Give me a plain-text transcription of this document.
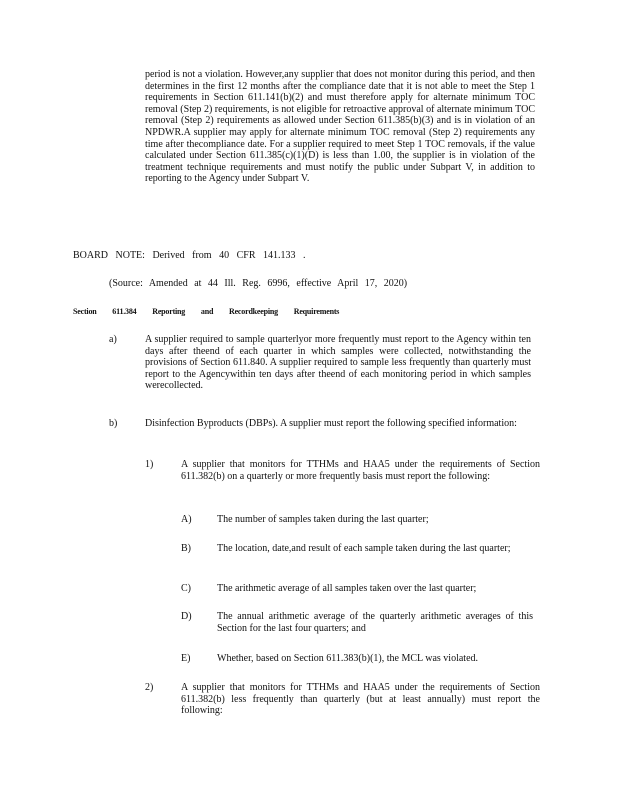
period is not a violation. However,any supplier that does not monitor during this period, and then determines in the first 12 months after the compliance date that it is not able to meet the Step 1 requirements in Section 611.141(b)(2) and must therefore apply for alternate minimum TOC removal (Step 2) requirements, is not eligible for retroactive approval of alternate minimum TOC removal (Step 2) requirements as allowed under Section 611.385(b)(3) and is in violation of an NPDWR.A supplier may apply for alternate minimum TOC removal (Step 2) requirements any time after thecompliance date. For a supplier required to meet Step 1 TOC removals, if the value calculated under Section 611.385(c)(1)(D) is less than 1.00, the supplier is in violation of the treatment technique requirements and must notify the public under Subpart V, in addition to reporting to the Agency under Subpart V.
BOARD NOTE: Derived from 40 CFR 141.133 .
(Source: Amended at 44 Ill. Reg. 6996, effective April 17, 2020)
Section 611.384 Reporting and Recordkeeping Requirements
a)	A supplier required to sample quarterlyor more frequently must report to the Agency within ten days after theend of each quarter in which samples were collected, notwithstanding the provisions of Section 611.840. A supplier required to sample less frequently than quarterly must report to the Agencywithin ten days after theend of each monitoring period in which samples werecollected.
b)	Disinfection Byproducts (DBPs). A supplier must report the following specified information:
1)	A supplier that monitors for TTHMs and HAA5 under the requirements of Section 611.382(b) on a quarterly or more frequently basis must report the following:
A)	The number of samples taken during the last quarter;
B)	The location, date,and result of each sample taken during the last quarter;
C)	The arithmetic average of all samples taken over the last quarter;
D)	The annual arithmetic average of the quarterly arithmetic averages of this Section for the last four quarters; and
E)	Whether, based on Section 611.383(b)(1), the MCL was violated.
2)	A supplier that monitors for TTHMs and HAA5 under the requirements of Section 611.382(b) less frequently than quarterly (but at least annually) must report the following:
